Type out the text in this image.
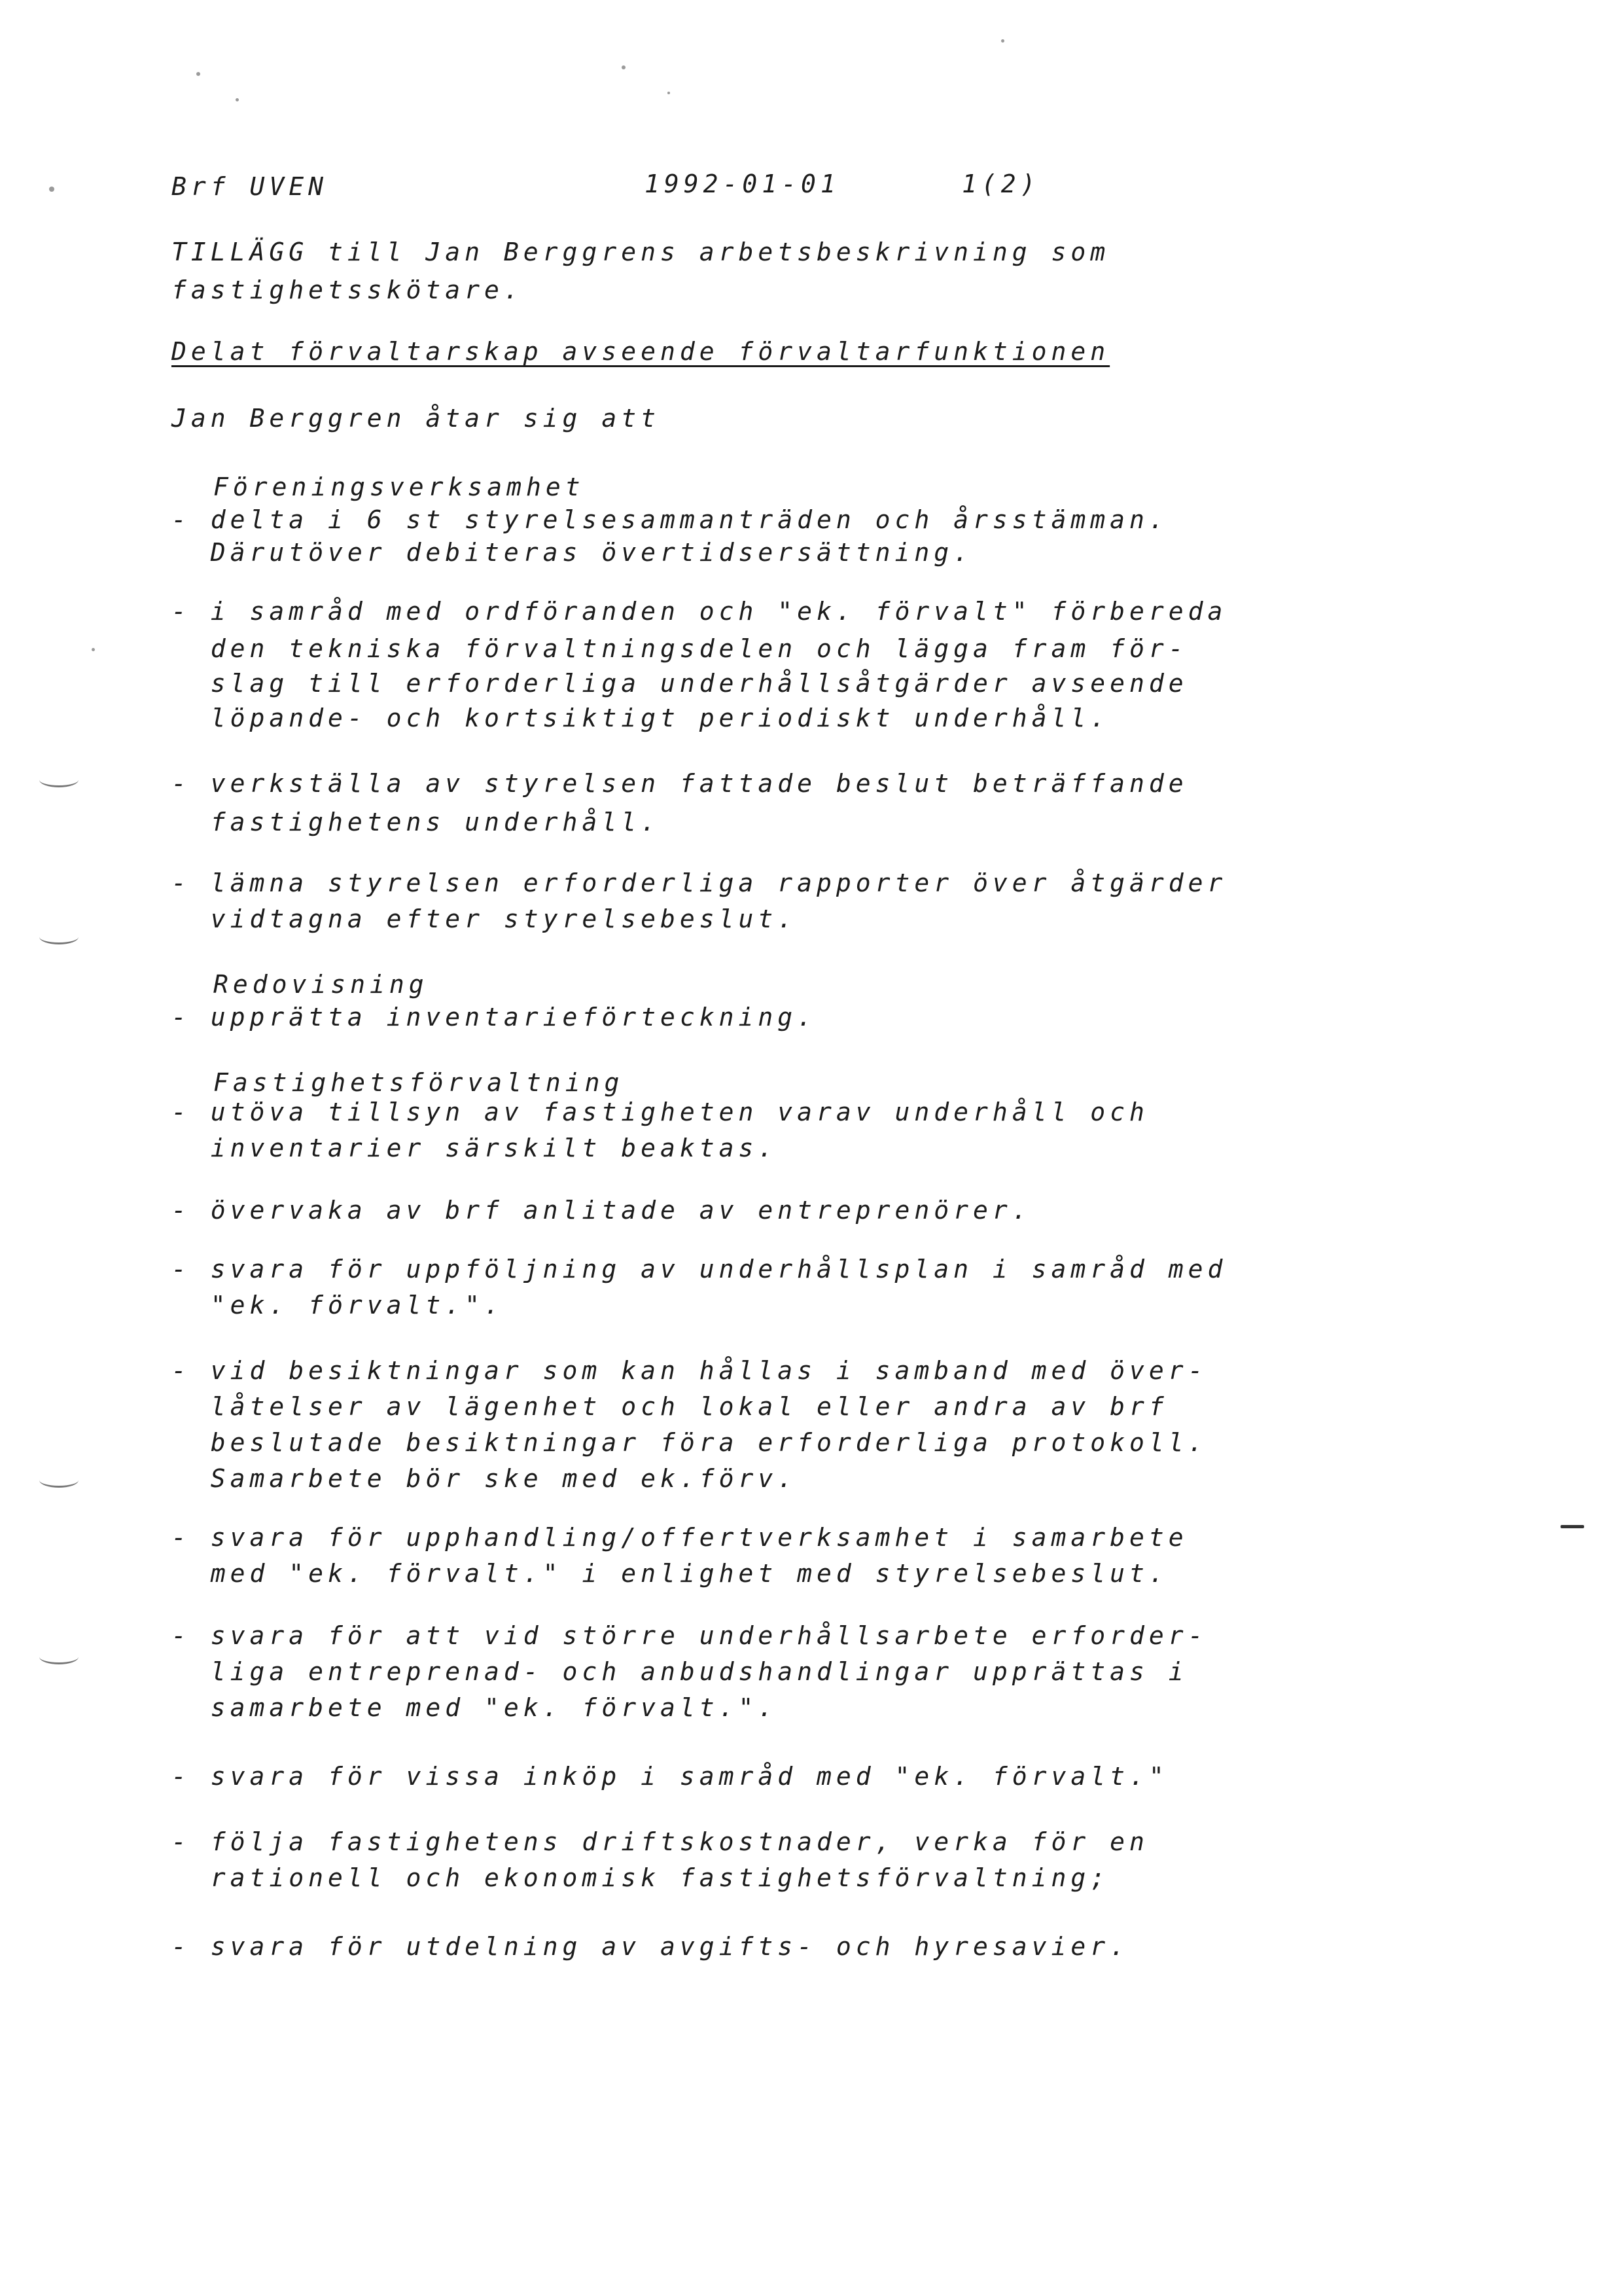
Brf UVEN	1992-01-01	1(2)
TILLÄGG till Jan Berggrens arbetsbeskrivning som
fastighetsskötare.
Delat förvaltarskap avseende förvaltarfunktionen
Jan Berggren åtar sig att
Föreningsverksamhet
- delta i 6 st styrelsesammanträden och årsstämman.
Därutöver debiteras övertidsersättning.
- i samråd med ordföranden och "ek. förvalt" förbereda
den tekniska förvaltningsdelen och lägga fram för-
slag till erforderliga underhållsåtgärder avseende
löpande- och kortsiktigt periodiskt underhåll.
- verkställa av styrelsen fattade beslut beträffande
fastighetens underhåll.
- lämna styrelsen erforderliga rapporter över åtgärder
vidtagna efter styrelsebeslut.
Redovisning
- upprätta inventarieförteckning.
Fastighetsförvaltning
- utöva tillsyn av fastigheten varav underhåll och
inventarier särskilt beaktas.
- övervaka av brf anlitade av entreprenörer.
- svara för uppföljning av underhållsplan i samråd med
"ek. förvalt.".
- vid besiktningar som kan hållas i samband med över-
låtelser av lägenhet och lokal eller andra av brf
beslutade besiktningar föra erforderliga protokoll.
Samarbete bör ske med ek.förv.
- svara för upphandling/offertverksamhet i samarbete
med "ek. förvalt." i enlighet med styrelsebeslut.
- svara för att vid större underhållsarbete erforder-
liga entreprenad- och anbudshandlingar upprättas i
samarbete med "ek. förvalt.".
- svara för vissa inköp i samråd med "ek. förvalt."
- följa fastighetens driftskostnader, verka för en
rationell och ekonomisk fastighetsförvaltning;
- svara för utdelning av avgifts- och hyresavier.
